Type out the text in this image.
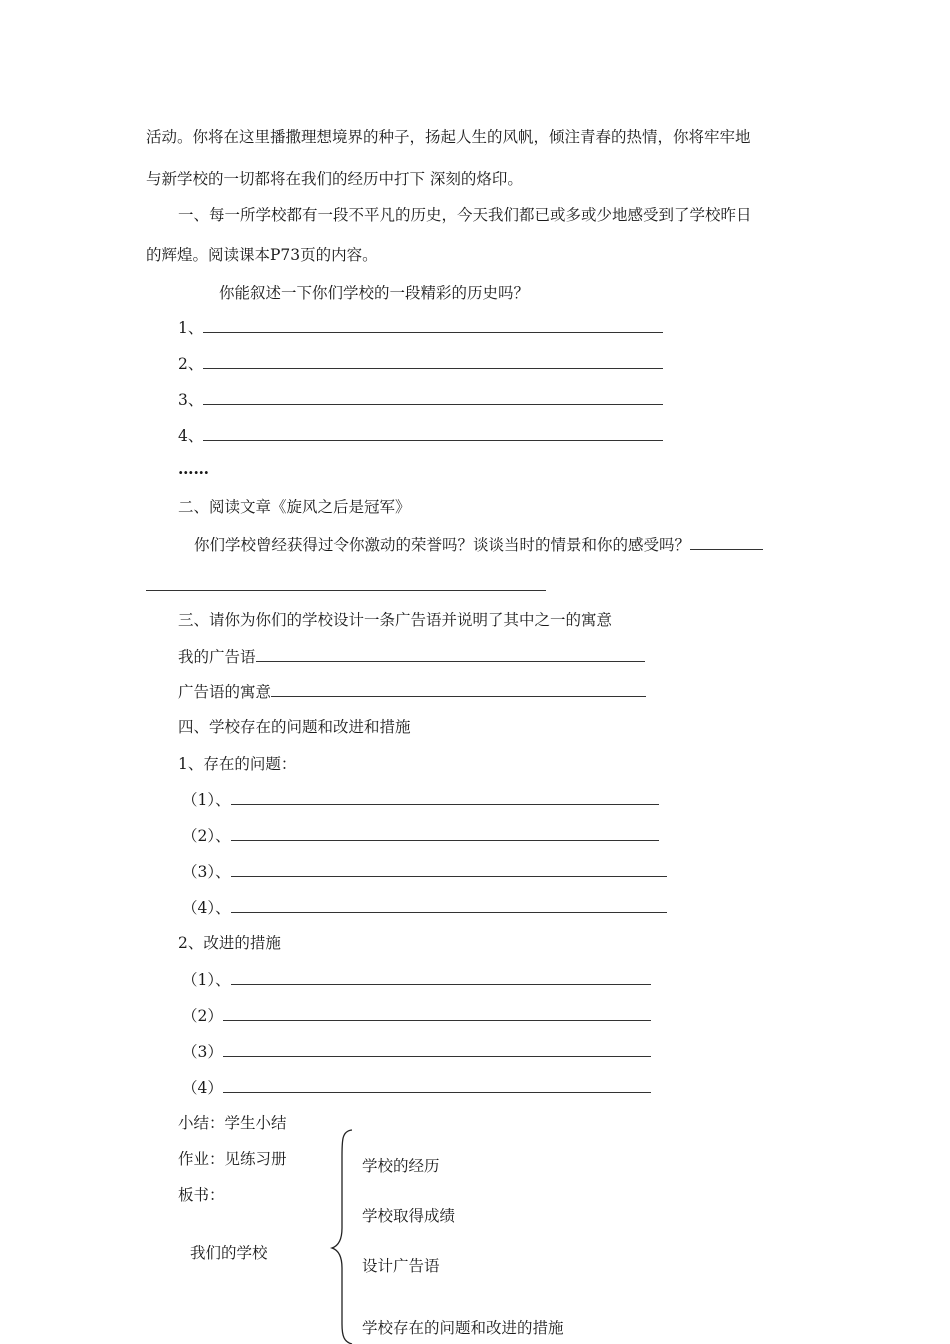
活动。你将在这里播撒理想境界的种子，扬起人生的风帆，倾注青春的热情，你将牢牢地
与新学校的一切都将在我们的经历中打下 深刻的烙印。
一、每一所学校都有一段不平凡的历史，今天我们都已或多或少地感受到了学校昨日
的辉煌。阅读课本P73页的内容。
你能叙述一下你们学校的一段精彩的历史吗？
1、
2、
3、
4、
……
二、阅读文章《旋风之后是冠军》
你们学校曾经获得过令你激动的荣誉吗？谈谈当时的情景和你的感受吗？
三、请你为你们的学校设计一条广告语并说明了其中之一的寓意
我的广告语
广告语的寓意
四、学校存在的问题和改进和措施
1、存在的问题：
（1）、
（2）、
（3）、
（4）、
2、改进的措施
（1）、
（2）
（3）
（4）
小结：学生小结
作业：见练习册
板书：
我们的学校
学校的经历
学校取得成绩
设计广告语
学校存在的问题和改进的措施
